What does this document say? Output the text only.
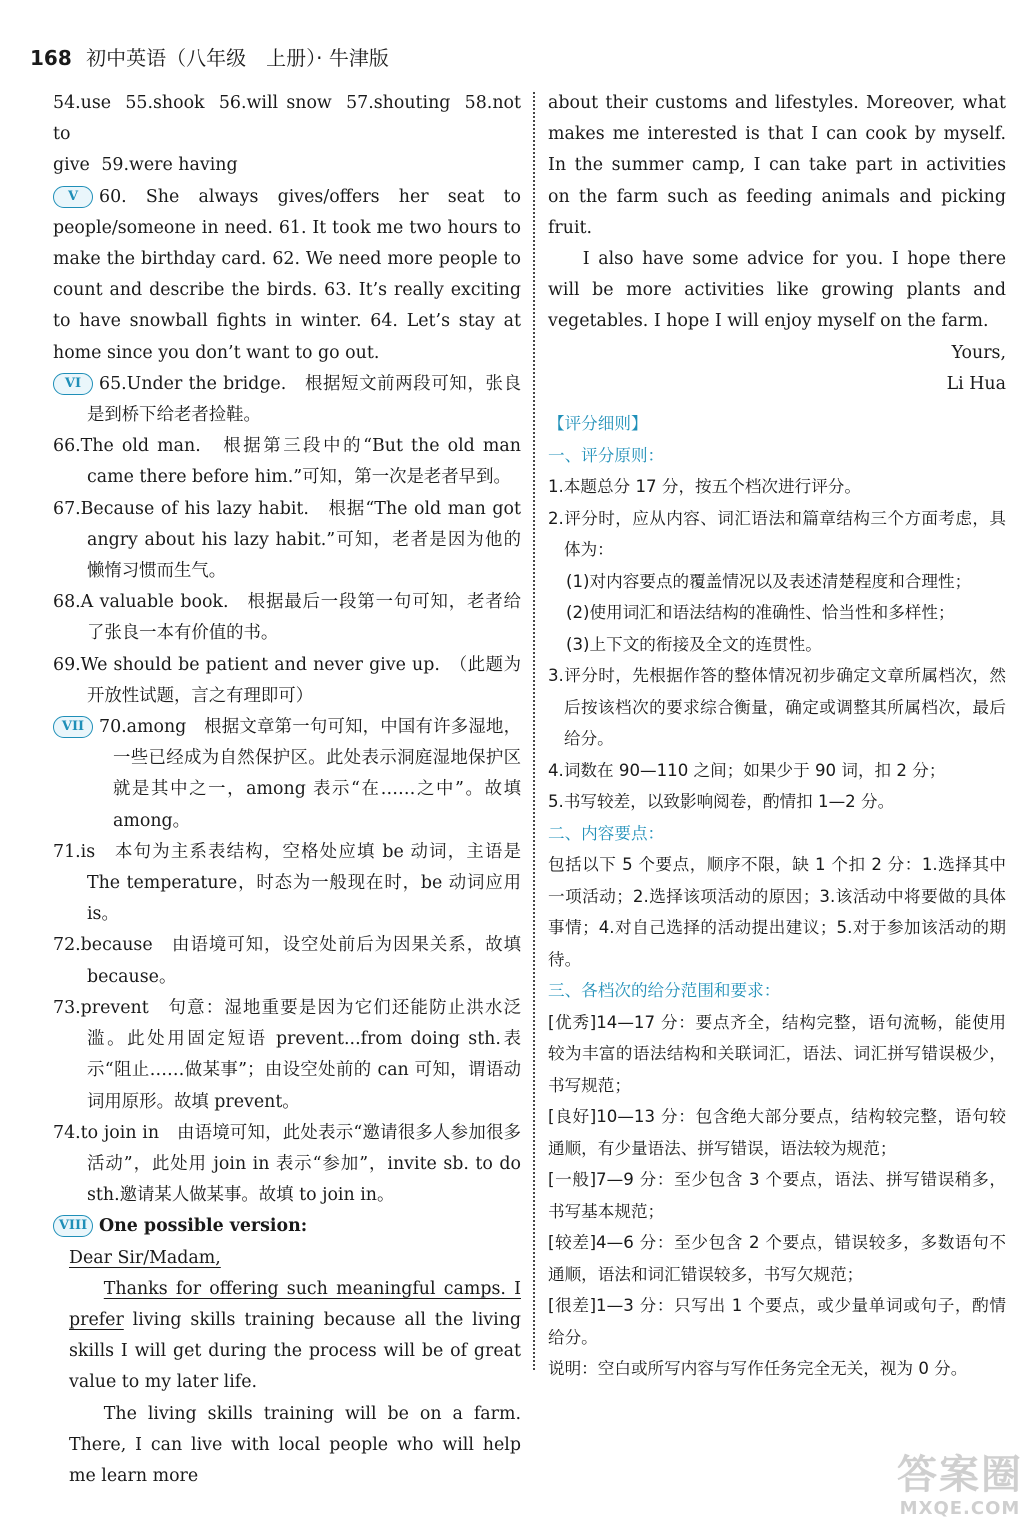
168 初中英语（八年级　上册）· 牛津版

54.use 55.shook 56.will snow 57.shouting 58.not to

give 59.were having

V 60. She always gives/offers her seat to people/someone in need. 61. It took me two hours to make the birthday card. 62. We need more people to count and describe the birds. 63. It’s really exciting to have snowball fights in winter. 64. Let’s stay at home since you don’t want to go out.

VI 65.Under the bridge.　根据短文前两段可知，张良是到桥下给老者捡鞋。

66.The old man.　根据第三段中的“But the old man came there before him.”可知，第一次是老者早到。

67.Because of his lazy habit.　根据“The old man got angry about his lazy habit.”可知，老者是因为他的懒惰习惯而生气。

68.A valuable book.　根据最后一段第一句可知，老者给了张良一本有价值的书。

69.We should be patient and never give up.　（此题为开放性试题，言之有理即可）

VII 70.among　根据文章第一句可知，中国有许多湿地，一些已经成为自然保护区。此处表示洞庭湿地保护区就是其中之一，among 表示“在……之中”。故填 among。

71.is　本句为主系表结构，空格处应填 be 动词，主语是 The temperature，时态为一般现在时，be 动词应用 is。

72.because　由语境可知，设空处前后为因果关系，故填 because。

73.prevent　句意：湿地重要是因为它们还能防止洪水泛滥。此处用固定短语 prevent...from doing sth.表示“阻止……做某事”；由设空处前的 can 可知，谓语动词用原形。故填 prevent。

74.to join in　由语境可知，此处表示“邀请很多人参加很多活动”，此处用 join in 表示“参加”，invite sb. to do sth.邀请某人做某事。故填 to join in。

VIII One possible version:

Dear Sir/Madam,

Thanks for offering such meaningful camps. I prefer living skills training because all the living skills I will get during the process will be of great value to my later life.

The living skills training will be on a farm. There, I can live with local people who will help me learn more

about their customs and lifestyles. Moreover, what makes me interested is that I can cook by myself. In the summer camp, I can take part in activities on the farm such as feeding animals and picking fruit.

I also have some advice for you. I hope there will be more activities like growing plants and vegetables. I hope I will enjoy myself on the farm.

Yours,

Li Hua

【评分细则】

一、评分原则：

1.本题总分 17 分，按五个档次进行评分。

2.评分时，应从内容、词汇语法和篇章结构三个方面考虑，具体为：

(1)对内容要点的覆盖情况以及表述清楚程度和合理性；

(2)使用词汇和语法结构的准确性、恰当性和多样性；

(3)上下文的衔接及全文的连贯性。

3.评分时，先根据作答的整体情况初步确定文章所属档次，然后按该档次的要求综合衡量，确定或调整其所属档次，最后给分。

4.词数在 90—110 之间；如果少于 90 词，扣 2 分；

5.书写较差，以致影响阅卷，酌情扣 1—2 分。

二、内容要点：

包括以下 5 个要点，顺序不限，缺 1 个扣 2 分：1.选择其中一项活动；2.选择该项活动的原因；3.该活动中将要做的具体事情；4.对自己选择的活动提出建议；5.对于参加该活动的期待。

三、各档次的给分范围和要求：

[优秀]14—17 分：要点齐全，结构完整，语句流畅，能使用较为丰富的语法结构和关联词汇，语法、词汇拼写错误极少，书写规范；

[良好]10—13 分：包含绝大部分要点，结构较完整，语句较通顺，有少量语法、拼写错误，语法较为规范；

[一般]7—9 分：至少包含 3 个要点，语法、拼写错误稍多，书写基本规范；

[较差]4—6 分：至少包含 2 个要点，错误较多，多数语句不通顺，语法和词汇错误较多，书写欠规范；

[很差]1—3 分：只写出 1 个要点，或少量单词或句子，酌情给分。

说明：空白或所写内容与写作任务完全无关，视为 0 分。

答案圈
MXQE.COM
